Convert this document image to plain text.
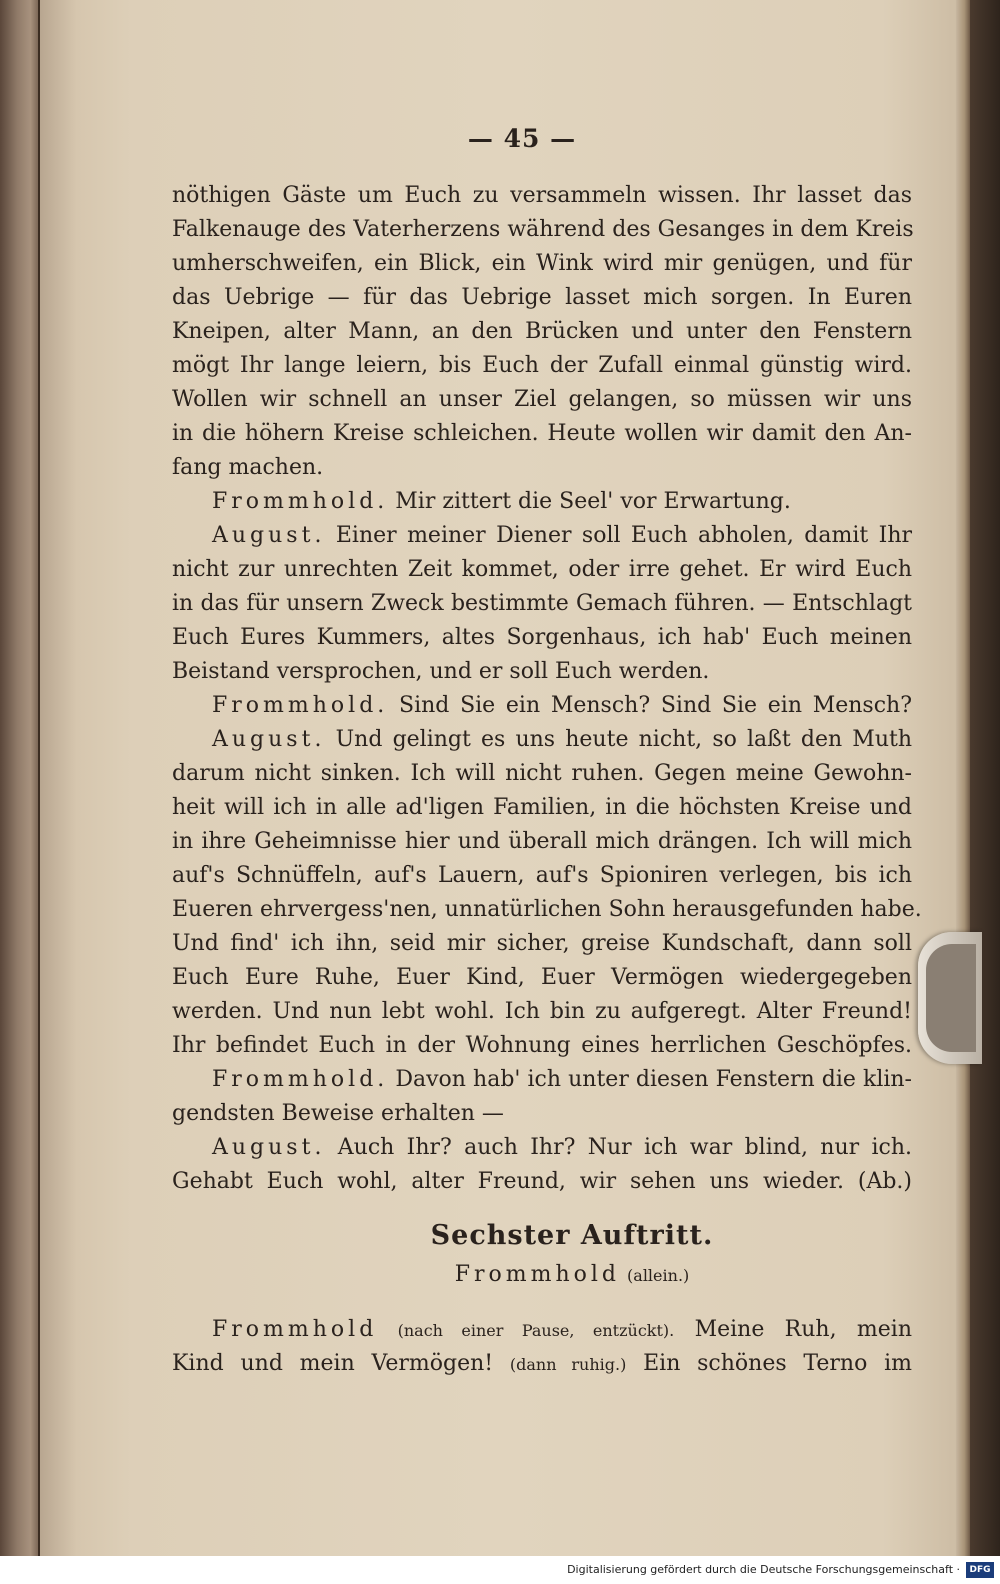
— 45 —
nöthigen Gäste um Euch zu versammeln wissen. Ihr lasset das
Falkenauge des Vaterherzens während des Gesanges in dem Kreis
umherschweifen, ein Blick, ein Wink wird mir genügen, und für
das Uebrige — für das Uebrige lasset mich sorgen. In Euren
Kneipen, alter Mann, an den Brücken und unter den Fenstern
mögt Ihr lange leiern, bis Euch der Zufall einmal günstig wird.
Wollen wir schnell an unser Ziel gelangen, so müssen wir uns
in die höhern Kreise schleichen. Heute wollen wir damit den An-
fang machen.
Frommhold. Mir zittert die Seel' vor Erwartung.
August. Einer meiner Diener soll Euch abholen, damit Ihr
nicht zur unrechten Zeit kommet, oder irre gehet. Er wird Euch
in das für unsern Zweck bestimmte Gemach führen. — Entschlagt
Euch Eures Kummers, altes Sorgenhaus, ich hab' Euch meinen
Beistand versprochen, und er soll Euch werden.
Frommhold. Sind Sie ein Mensch? Sind Sie ein Mensch?
August. Und gelingt es uns heute nicht, so laßt den Muth
darum nicht sinken. Ich will nicht ruhen. Gegen meine Gewohn-
heit will ich in alle ad'ligen Familien, in die höchsten Kreise und
in ihre Geheimnisse hier und überall mich drängen. Ich will mich
auf's Schnüffeln, auf's Lauern, auf's Spioniren verlegen, bis ich
Eueren ehrvergess'nen, unnatürlichen Sohn herausgefunden habe.
Und find' ich ihn, seid mir sicher, greise Kundschaft, dann soll
Euch Eure Ruhe, Euer Kind, Euer Vermögen wiedergegeben
werden. Und nun lebt wohl. Ich bin zu aufgeregt. Alter Freund!
Ihr befindet Euch in der Wohnung eines herrlichen Geschöpfes.
Frommhold. Davon hab' ich unter diesen Fenstern die klin-
gendsten Beweise erhalten —
August. Auch Ihr? auch Ihr? Nur ich war blind, nur ich.
Gehabt Euch wohl, alter Freund, wir sehen uns wieder. (Ab.)
Sechster Auftritt.
Frommhold (allein.)
Frommhold (nach einer Pause, entzückt). Meine Ruh, mein
Kind und mein Vermögen! (dann ruhig.) Ein schönes Terno im
Digitalisierung gefördert durch die Deutsche Forschungsgemeinschaft ·	DFG
